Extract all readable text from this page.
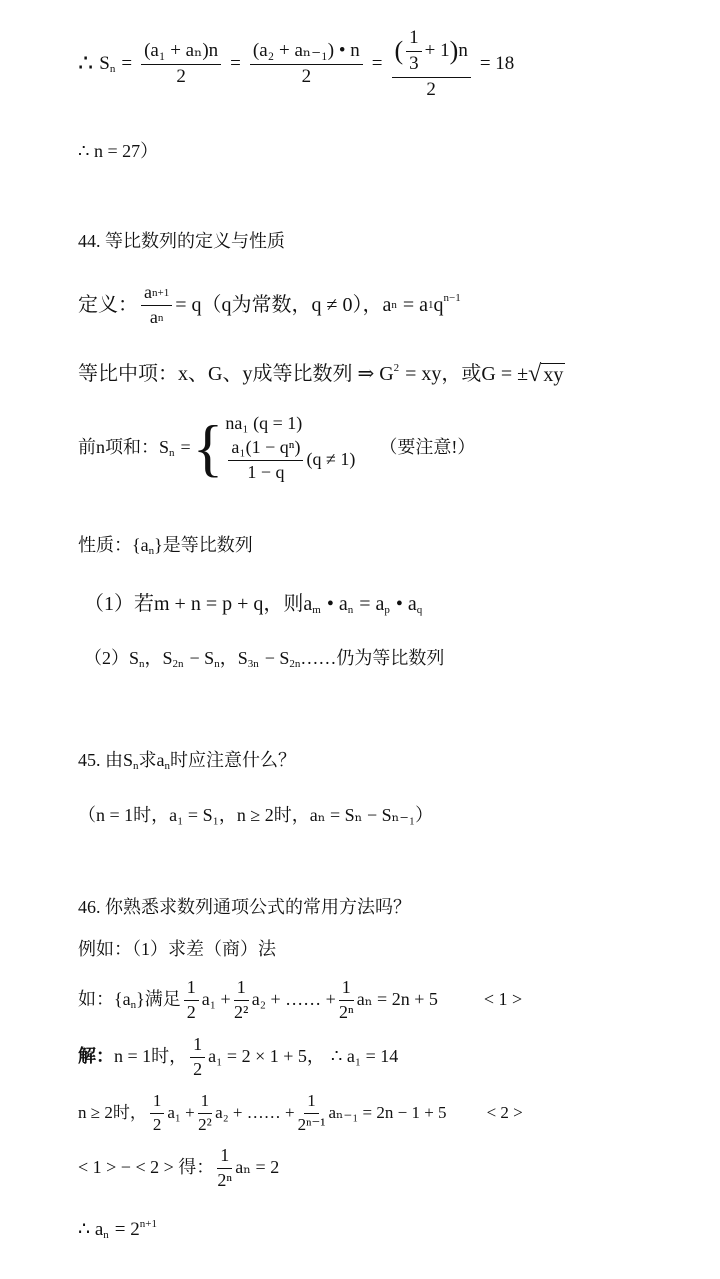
∴ $S_n = \frac{\text{(a₁ + aₙ)n}}{2} = \frac{\text{(a₂ + aₙ₋₁) • n}}{2}$ = ( $\frac{1}{3} + 1$ ) n
2
= 18
∴ n = 27）
44. 等比数列的定义与性质
定义： $\frac{\text{a n+1}}{\text{a n}} = q(q$为常数，q ≠ 0），a n = a 1 $q^{n-1}$
等比中项：x、G、y成等比数列 ⇒ $G^2$ = xy，或G = ± √ xy
前n项和：$S_n$ = { na₁ (q = 1)
$\frac{\text{a₁(1 − qⁿ)}}{1 - q} (q \ne 1)$
（要注意!）
性质：{$a_n$ }是等比数列
（1）若m + n = p + q，则$a_m$ • $a_n = a_p$ • $a_q$
$(2)S_n$ ，$S_{2n} - S_n$ ，$S_{3n} - S_{2n}$ ……仍为等比数列
45. 由$S_n$ 求$a_n$ 时应注意什么？
（n = 1时，a₁ = S₁，n ≥ 2时，aₙ = Sₙ − Sₙ₋₁）
46. 你熟悉求数列通项公式的常用方法吗？
例如：（1）求差（商）法
如：{$a_n$ }满足 $\frac{1}{2} a_1 + \frac{1}{\text{2²}} a_2$ + …… + $\frac{1}{\text{2ⁿ}}$ aₙ = 2n + 5	< 1 >
解： n = 1时， $\frac{1}{2} a_1 = 2 \times 1 + 5$， ∴ a₁ = 14
n ≥ 2时， $\frac{1}{2} a_1 + \frac{1}{\text{2²}} a_2$ + …… + $\frac{1}{\text{2ⁿ⁻¹}} a_{n-1} = 2n - 1 + 5 < 2$ >
< 1 > − < 2 > 得： $\frac{1}{\text{2ⁿ}}$ aₙ = 2
∴ $a_n = 2^{n+1}$
